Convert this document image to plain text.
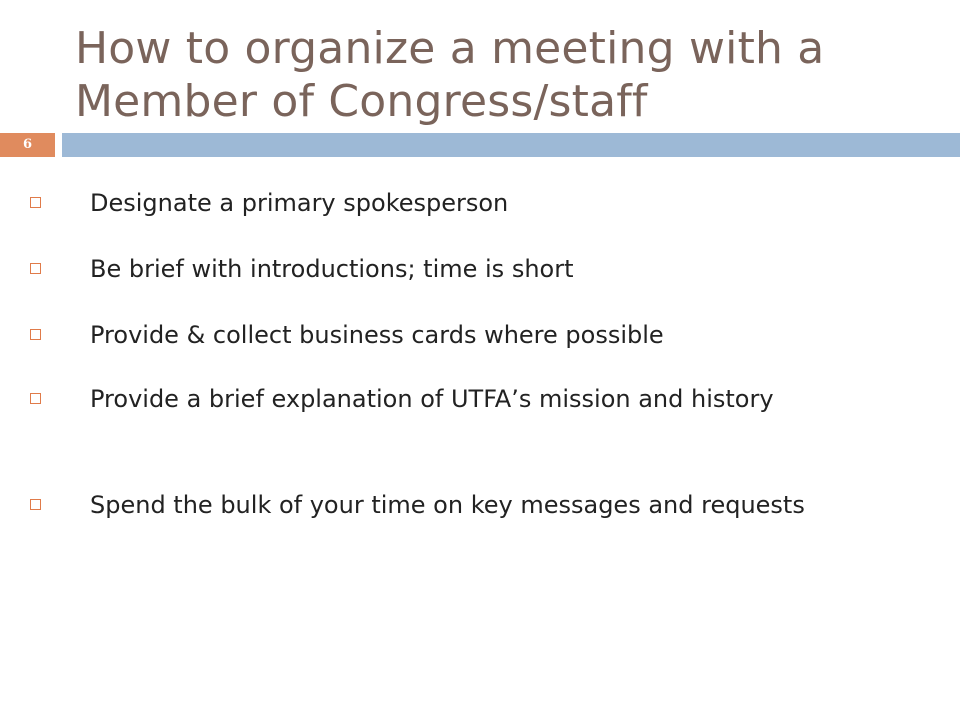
How to organize a meeting with a Member of Congress/staff
6
Designate a primary spokesperson
Be brief with introductions; time is short
Provide & collect business cards where possible
Provide a brief explanation of UTFA’s mission and history
Spend the bulk of your time on key messages and requests
